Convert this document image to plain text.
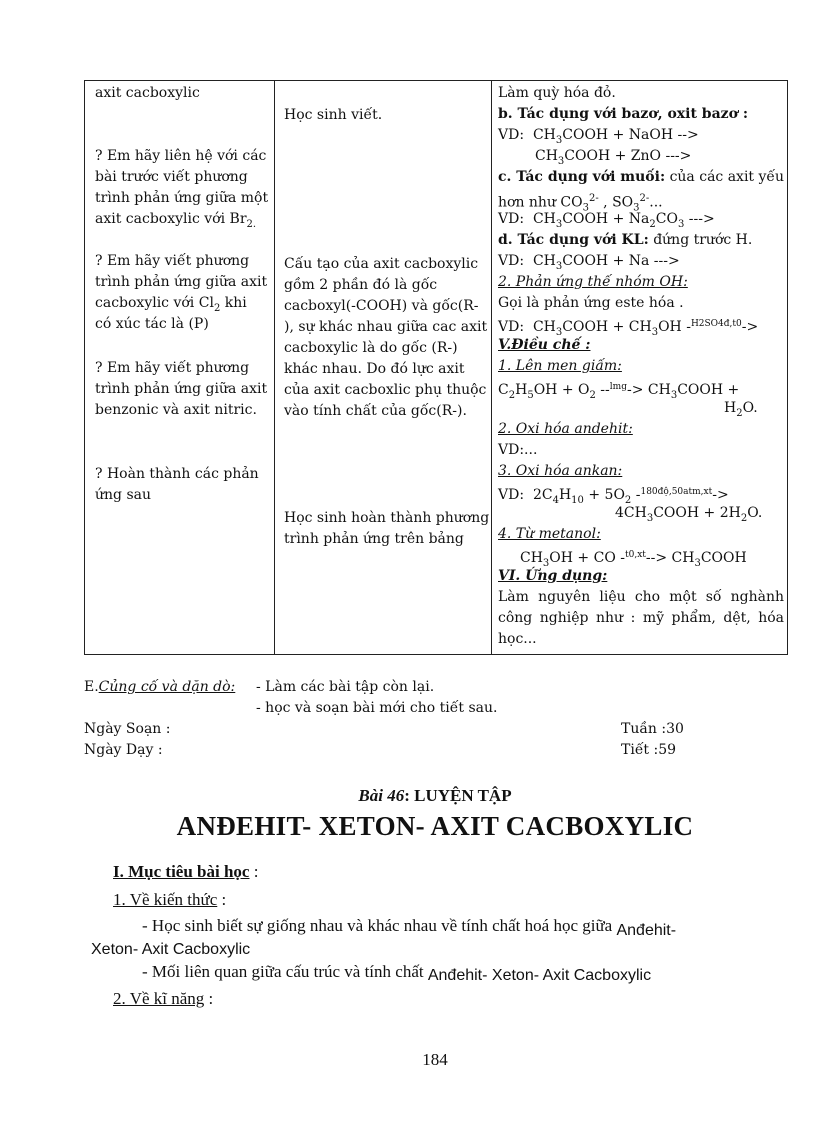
axit cacboxylic
? Em hãy liên hệ với các
bài trước viết phương
trình phản ứng giữa một
axit cacboxylic với $Br_{2.}$
? Em hãy viết phương
trình phản ứng giữa axit
cacboxylic với $Cl_2$ khi
có xúc tác là (P)
? Em hãy viết phương
trình phản ứng giữa axit
benzonic và axit nitric.
? Hoàn thành các phản
ứng sau
Học sinh viết.
Cấu tạo của axit cacboxylic
gồm 2 phần đó là gốc
cacboxyl(-COOH) và gốc(R-
), sự khác nhau giữa cac axit
cacboxylic là do gốc (R-)
khác nhau. Do đó lực axit
của axit cacboxlic phụ thuộc
vào tính chất của gốc(R-).
Học sinh hoàn thành phương
trình phản ứng trên bảng
Làm quỳ hóa đỏ.
b. Tác dụng với bazơ, oxit bazơ :
VD:  $CH_3COOH$ + NaOH -->
$CH_3COOH$ + ZnO --->
c. Tác dụng với muối: của các axit yếu
hơn như $CO_3^{2-}$ , $SO_3^{2-}$...
VD:  $CH_3COOH + Na_2CO_3$ --->
d. Tác dụng với KL: đứng trước H.
VD:  $CH_3COOH + Na$ --->
2. Phản ứng thế nhóm OH:
Gọi là phản ứng este hóa .
VD:  $CH_3COOH + CH_3OH$ -$^{H2SO4đ,t0}$->
V.Điều chế :
1. Lên men giấm:
$C_2H_5OH + O_2$ $--^{lmg}-> CH_3COOH$ +
$H_2O$.
2. Oxi hóa andehit:
VD:...
3. Oxi hóa ankan:
VD:  $2C_4H_{10} + 5O_2$ -$^{180độ,50atm,xt}$->
$4CH_3COOH + 2H_2O$.
4. Từ metanol:
$CH_3OH$ + CO $-^{t0,xt}--> CH_3COOH$
VI. Ứng dụng:
Làm nguyên liệu cho một số nghành
công nghiệp như : mỹ phẩm, dệt, hóa
học...
E.Củng cố và dặn dò:	- Làm các bài tập còn lại.
- học và soạn bài mới cho tiết sau.
Ngày Soạn :
Ngày Dạy :
Tuần :30
Tiết :59
Bài 46: LUYỆN TẬP
ANĐEHIT- XETON- AXIT CACBOXYLIC
I. Mục tiêu bài học :
1. Về kiến thức :
- Học sinh biết sự giống nhau và khác nhau về tính chất hoá học giữa Anđehit-
Xeton- Axit Cacboxylic
- Mối liên quan giữa cấu trúc và tính chất Anđehit- Xeton- Axit Cacboxylic
2. Về kĩ năng :
184
